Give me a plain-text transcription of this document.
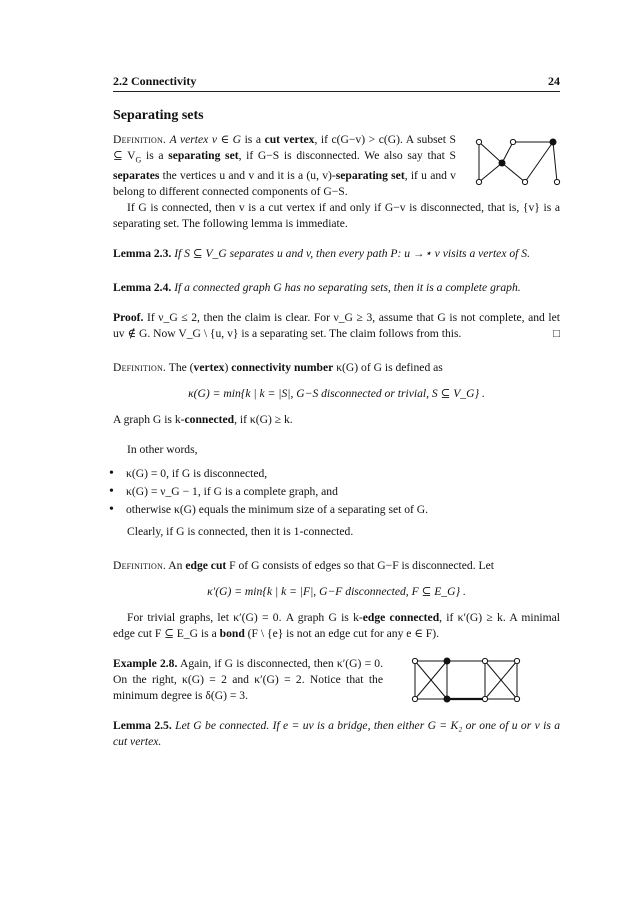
2.2 Connectivity	24
Separating sets

Definition. A vertex v ∈ G is a cut vertex, if c(G−v) > c(G). A subset S ⊆ $V_G$ is a separating set, if G−S is disconnected. We also say that S separates the vertices u and v and it is a (u, v)-separating set, if u and v belong to different connected components of G−S.

If G is connected, then v is a cut vertex if and only if G−v is disconnected, that is, {v} is a separating set. The following lemma is immediate.

Lemma 2.3. If S ⊆ V_G separates u and v, then every path P: u →⋆ v visits a vertex of S.

Lemma 2.4. If a connected graph G has no separating sets, then it is a complete graph.

Proof. If ν_G ≤ 2, then the claim is clear. For ν_G ≥ 3, assume that G is not complete, and let uv ∉ G. Now V_G \ {u, v} is a separating set. The claim follows from this.	□

Definition. The (vertex) connectivity number κ(G) of G is defined as

κ(G) = min{k | k = |S|, G−S disconnected or trivial, S ⊆ V_G} .

A graph G is k-connected, if κ(G) ≥ k.

In other words,

• κ(G) = 0, if G is disconnected,
• κ(G) = ν_G − 1, if G is a complete graph, and
• otherwise κ(G) equals the minimum size of a separating set of G.

Clearly, if G is connected, then it is 1-connected.

Definition. An edge cut F of G consists of edges so that G−F is disconnected. Let

κ′(G) = min{k | k = |F|, G−F disconnected, F ⊆ E_G} .

For trivial graphs, let κ′(G) = 0. A graph G is k-edge connected, if κ′(G) ≥ k. A minimal edge cut F ⊆ E_G is a bond (F \ {e} is not an edge cut for any e ∈ F).

Example 2.8. Again, if G is disconnected, then κ′(G) = 0. On the right, κ(G) = 2 and κ′(G) = 2. Notice that the minimum degree is δ(G) = 3.

Lemma 2.5. Let G be connected. If e = uv is a bridge, then either G = K₂ or one of u or v is a cut vertex.
